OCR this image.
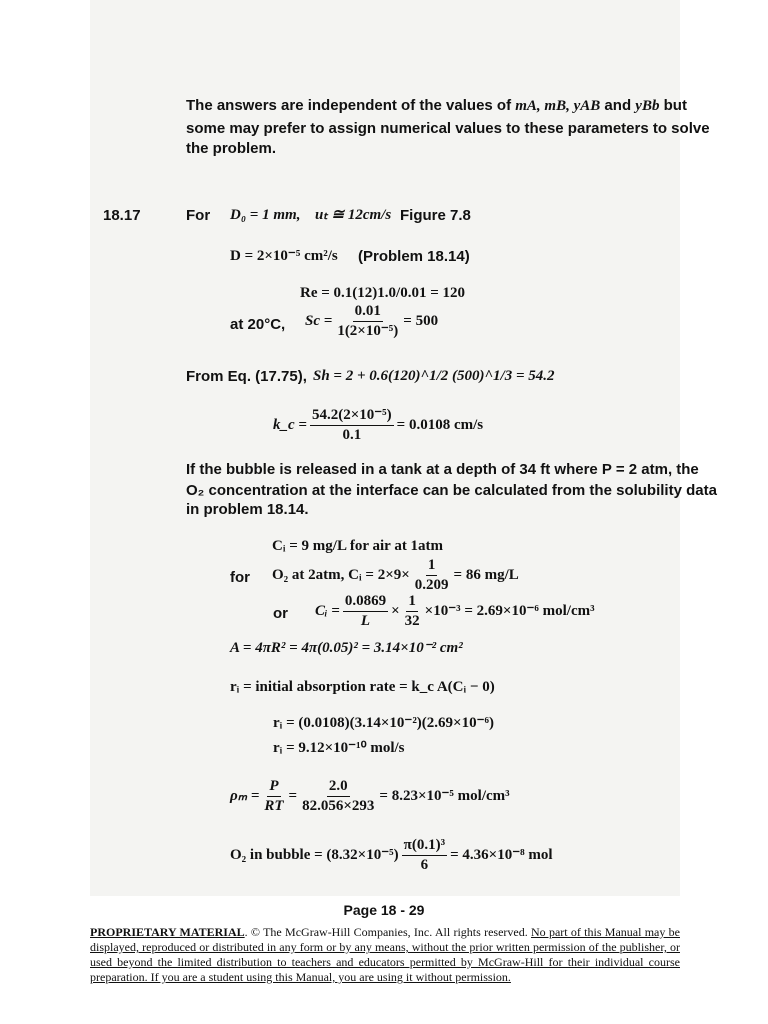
The answers are independent of the values of mA, mB, yAB and yBb but
some may prefer to assign numerical values to these parameters to solve
the problem.
18.17	For D₀ = 1 mm, uₜ ≅ 12cm/s Figure 7.8
D = 2×10⁻⁵ cm²/s (Problem 18.14)
Re = 0.1(12)1.0/0.01 = 120
at 20°C, $Sc = \frac{0.01}{\text{1(2×10⁻⁵)}} = 500$
From Eq. (17.75), Sh = 2 + 0.6(120)^1/2 (500)^1/3 = 54.2
k_c = $\frac{\text{54.2(2×10⁻⁵)}}{0.1} = 0.0108$ cm/s
If the bubble is released in a tank at a depth of 34 ft where P = 2 atm, the
O₂ concentration at the interface can be calculated from the solubility data
in problem 18.14.
Cᵢ = 9 mg/L for air at 1atm
for O₂ at 2atm, Cᵢ = $2\times 9\times \frac{1}{0.209} = 86$ mg/L
or Cᵢ = $\frac{0.0869}{L} \times \frac{1}{32} \times 10^{-3} = 2.69\times 10^{-6}$ mol/cm³
A = 4πR² = 4π(0.05)² = 3.14×10⁻² cm²
rᵢ = initial absorption rate = k_c A(Cᵢ − 0)
rᵢ = (0.0108)(3.14×10⁻²)(2.69×10⁻⁶)
rᵢ = 9.12×10⁻¹⁰ mol/s
$\rho_m = \frac{P}{RT} = \frac{2.0}{82.056\times 293} = 8.23\times 10^{-5}$ mol/cm³
O₂ in bubble = $(8.32\times 10^{-5}) \frac{\text{π(0.1)³}}{6} = 4.36\times 10^{-8}$ mol
Page 18 - 29
PROPRIETARY MATERIAL. © The McGraw-Hill Companies, Inc. All rights reserved. No part of this Manual may be displayed, reproduced or distributed in any form or by any means, without the prior written permission of the publisher, or used beyond the limited distribution to teachers and educators permitted by McGraw-Hill for their individual course preparation. If you are a student using this Manual, you are using it without permission.
